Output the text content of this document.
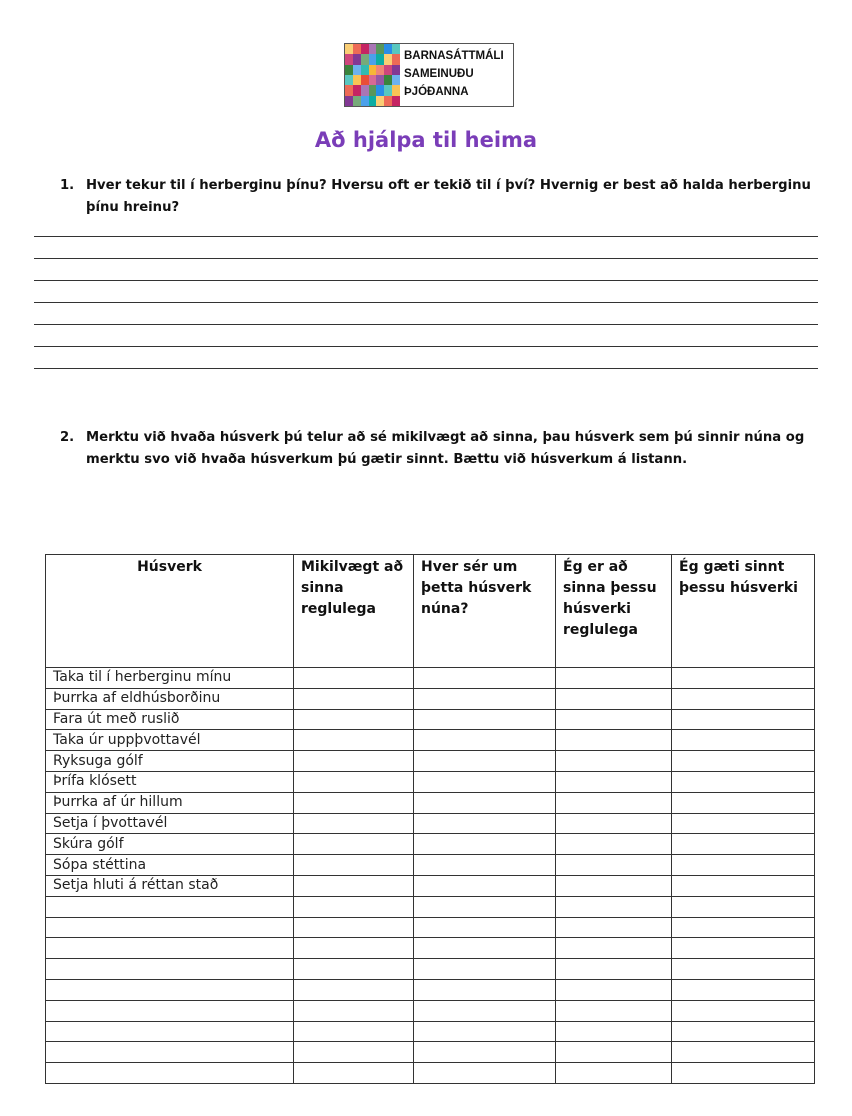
BARNASÁTTMÁLI
SAMEINUÐU
ÞJÓÐANNA
Að hjálpa til heima
1. Hver tekur til í herberginu þínu? Hversu oft er tekið til í því? Hvernig er best að halda herberginu þínu hreinu?
2. Merktu við hvaða húsverk þú telur að sé mikilvægt að sinna, þau húsverk sem þú sinnir núna og merktu svo við hvaða húsverkum þú gætir sinnt. Bættu við húsverkum á listann.
Húsverk	Mikilvægt að sinna reglulega	Hver sér um þetta húsverk núna?	Ég er að sinna þessu húsverki reglulega	Ég gæti sinnt þessu húsverki
Taka til í herberginu mínu				
Þurrka af eldhúsborðinu				
Fara út með ruslið				
Taka úr uppþvottavél				
Ryksuga gólf				
Þrífa klósett				
Þurrka af úr hillum				
Setja í þvottavél				
Skúra gólf				
Sópa stéttina				
Setja hluti á réttan stað				
